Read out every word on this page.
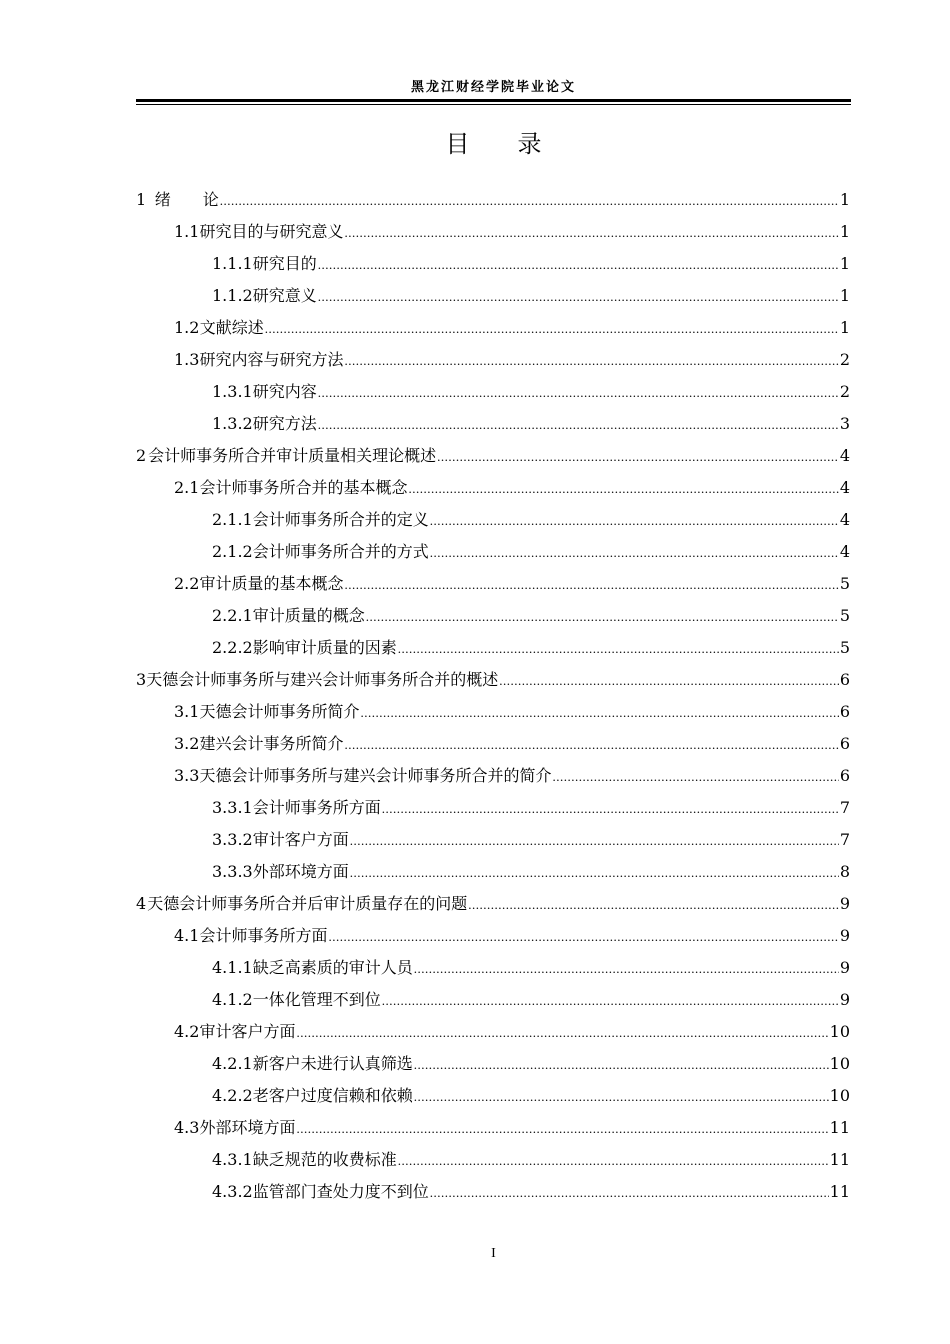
黑龙江财经学院毕业论文
目 录
1 绪　　论 .....	1
1.1 研究目的与研究意义 .....	1
1.1.1 研究目的 .....	1
1.1.2 研究意义 .....	1
1.2 文献综述 .....	1
1.3 研究内容与研究方法 .....	2
1.3.1 研究内容 .....	2
1.3.2 研究方法 .....	3
2 会计师事务所合并审计质量相关理论概述 .....	4
2.1 会计师事务所合并的基本概念 .....	4
2.1.1 会计师事务所合并的定义 .....	4
2.1.2 会计师事务所合并的方式 .....	4
2.2 审计质量的基本概念 .....	5
2.2.1 审计质量的概念 .....	5
2.2.2 影响审计质量的因素 .....	5
3 天德会计师事务所与建兴会计师事务所合并的概述 .....	6
3.1 天德会计师事务所简介 .....	6
3.2 建兴会计事务所简介 .....	6
3.3 天德会计师事务所与建兴会计师事务所合并的简介 .....	6
3.3.1 会计师事务所方面 .....	7
3.3.2 审计客户方面 .....	7
3.3.3 外部环境方面 .....	8
4 天德会计师事务所合并后审计质量存在的问题 .....	9
4.1 会计师事务所方面 .....	9
4.1.1 缺乏高素质的审计人员 .....	9
4.1.2 一体化管理不到位 .....	9
4.2 审计客户方面 .....	10
4.2.1 新客户未进行认真筛选 .....	10
4.2.2 老客户过度信赖和依赖 .....	10
4.3 外部环境方面 .....	11
4.3.1 缺乏规范的收费标准 .....	11
4.3.2 监管部门查处力度不到位 .....	11
I
